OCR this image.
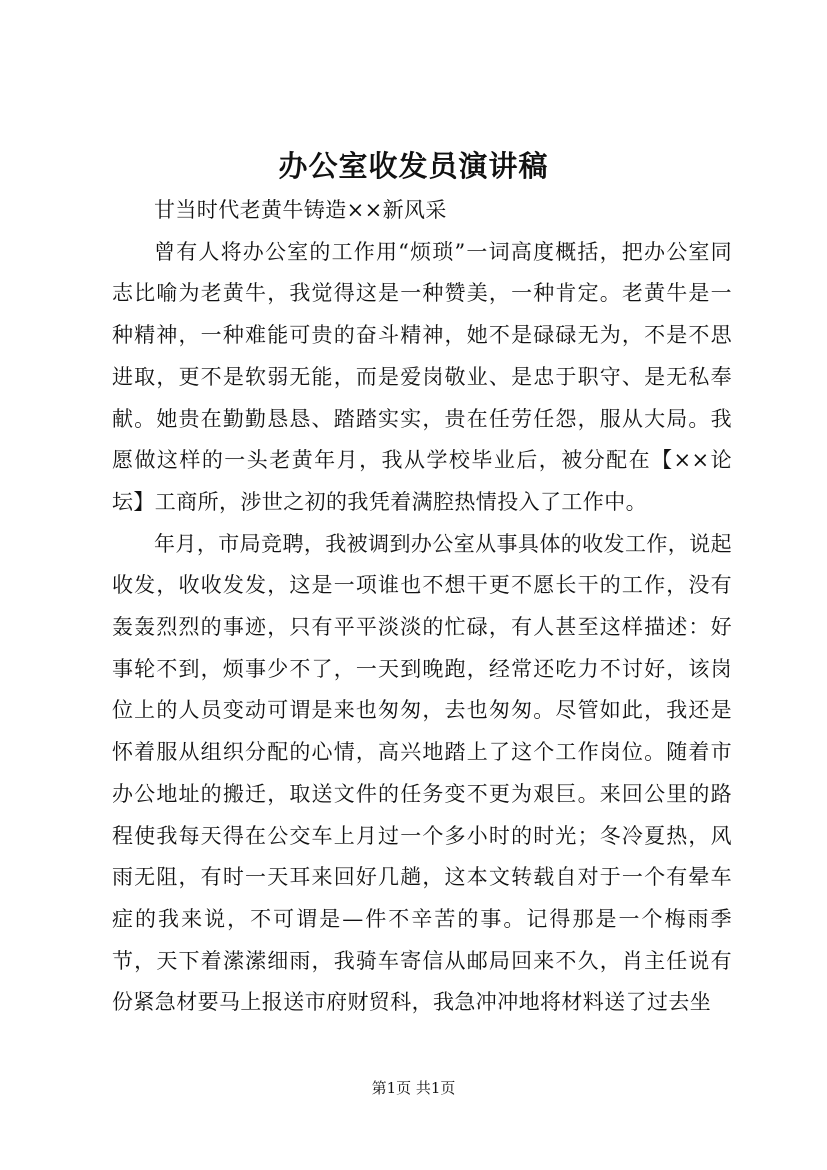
办公室收发员演讲稿

甘当时代老黄牛铸造××新风采

曾有人将办公室的工作用“烦琐”一词高度概括，把办公室同志比喻为老黄牛，我觉得这是一种赞美，一种肯定。老黄牛是一种精神，一种难能可贵的奋斗精神，她不是碌碌无为，不是不思进取，更不是软弱无能，而是爱岗敬业、是忠于职守、是无私奉献。她贵在勤勤恳恳、踏踏实实，贵在任劳任怨，服从大局。我愿做这样的一头老黄年月，我从学校毕业后，被分配在【××论坛】工商所，涉世之初的我凭着满腔热情投入了工作中。

年月，市局竞聘，我被调到办公室从事具体的收发工作，说起收发，收收发发，这是一项谁也不想干更不愿长干的工作，没有轰轰烈烈的事迹，只有平平淡淡的忙碌，有人甚至这样描述：好事轮不到，烦事少不了，一天到晚跑，经常还吃力不讨好，该岗位上的人员变动可谓是来也匆匆，去也匆匆。尽管如此，我还是怀着服从组织分配的心情，高兴地踏上了这个工作岗位。随着市办公地址的搬迁，取送文件的任务变不更为艰巨。来回公里的路程使我每天得在公交车上月过一个多小时的时光；冬冷夏热，风雨无阻，有时一天耳来回好几趟，这本文转载自对于一个有晕车症的我来说，不可谓是—件不辛苦的事。记得那是一个梅雨季节，天下着潆潆细雨，我骑车寄信从邮局回来不久，肖主任说有份紧急材要马上报送市府财贸科，我急冲冲地将材料送了过去坐

第1页 共1页
